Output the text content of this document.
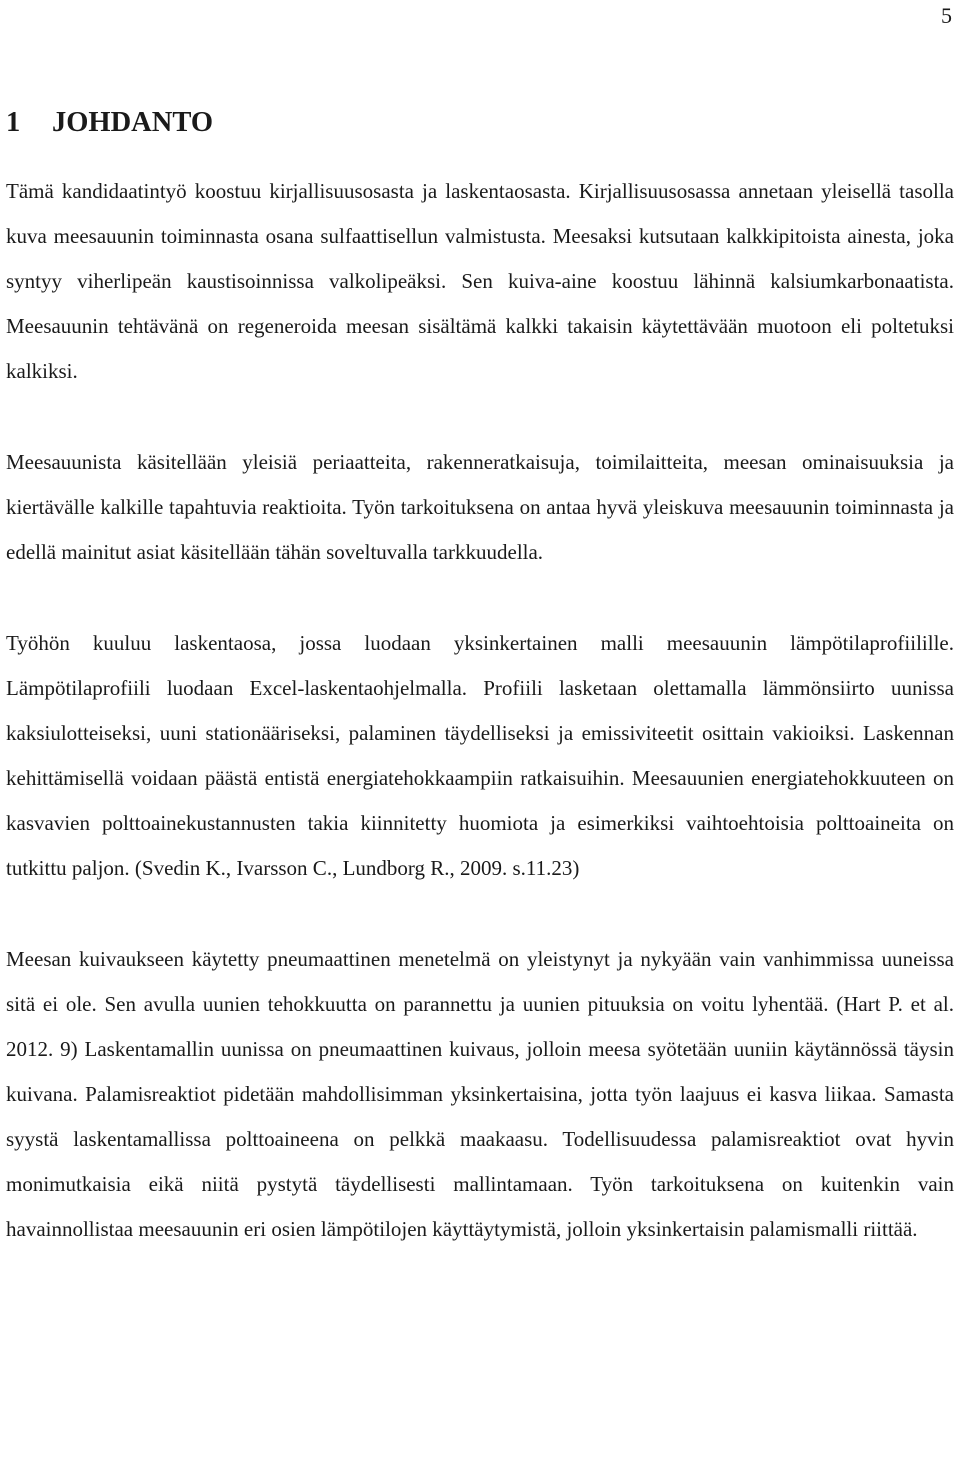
5
1 JOHDANTO

Tämä kandidaatintyö koostuu kirjallisuusosasta ja laskentaosasta. Kirjallisuusosassa annetaan yleisellä tasolla kuva meesauunin toiminnasta osana sulfaattisellun valmistusta. Meesaksi kutsutaan kalkkipitoista ainesta, joka syntyy viherlipeän kaustisoinnissa valkolipeäksi. Sen kuiva-aine koostuu lähinnä kalsiumkarbonaatista. Meesauunin tehtävänä on regeneroida meesan sisältämä kalkki takaisin käytettävään muotoon eli poltetuksi kalkiksi.

Meesauunista käsitellään yleisiä periaatteita, rakenneratkaisuja, toimilaitteita, meesan ominaisuuksia ja kiertävälle kalkille tapahtuvia reaktioita. Työn tarkoituksena on antaa hyvä yleiskuva meesauunin toiminnasta ja edellä mainitut asiat käsitellään tähän soveltuvalla tarkkuudella.

Työhön kuuluu laskentaosa, jossa luodaan yksinkertainen malli meesauunin lämpötilaprofiilille. Lämpötilaprofiili luodaan Excel-laskentaohjelmalla. Profiili lasketaan olettamalla lämmönsiirto uunissa kaksiulotteiseksi, uuni stationääriseksi, palaminen täydelliseksi ja emissiviteetit osittain vakioiksi. Laskennan kehittämisellä voidaan päästä entistä energiatehokkaampiin ratkaisuihin. Meesauunien energiatehokkuuteen on kasvavien polttoainekustannusten takia kiinnitetty huomiota ja esimerkiksi vaihtoehtoisia polttoaineita on tutkittu paljon. (Svedin K., Ivarsson C., Lundborg R., 2009. s.11.23)

Meesan kuivaukseen käytetty pneumaattinen menetelmä on yleistynyt ja nykyään vain vanhimmissa uuneissa sitä ei ole. Sen avulla uunien tehokkuutta on parannettu ja uunien pituuksia on voitu lyhentää. (Hart P. et al. 2012. 9) Laskentamallin uunissa on pneumaattinen kuivaus, jolloin meesa syötetään uuniin käytännössä täysin kuivana. Palamisreaktiot pidetään mahdollisimman yksinkertaisina, jotta työn laajuus ei kasva liikaa. Samasta syystä laskentamallissa polttoaineena on pelkkä maakaasu. Todellisuudessa palamisreaktiot ovat hyvin monimutkaisia eikä niitä pystytä täydellisesti mallintamaan. Työn tarkoituksena on kuitenkin vain havainnollistaa meesauunin eri osien lämpötilojen käyttäytymistä, jolloin yksinkertaisin palamismalli riittää.
